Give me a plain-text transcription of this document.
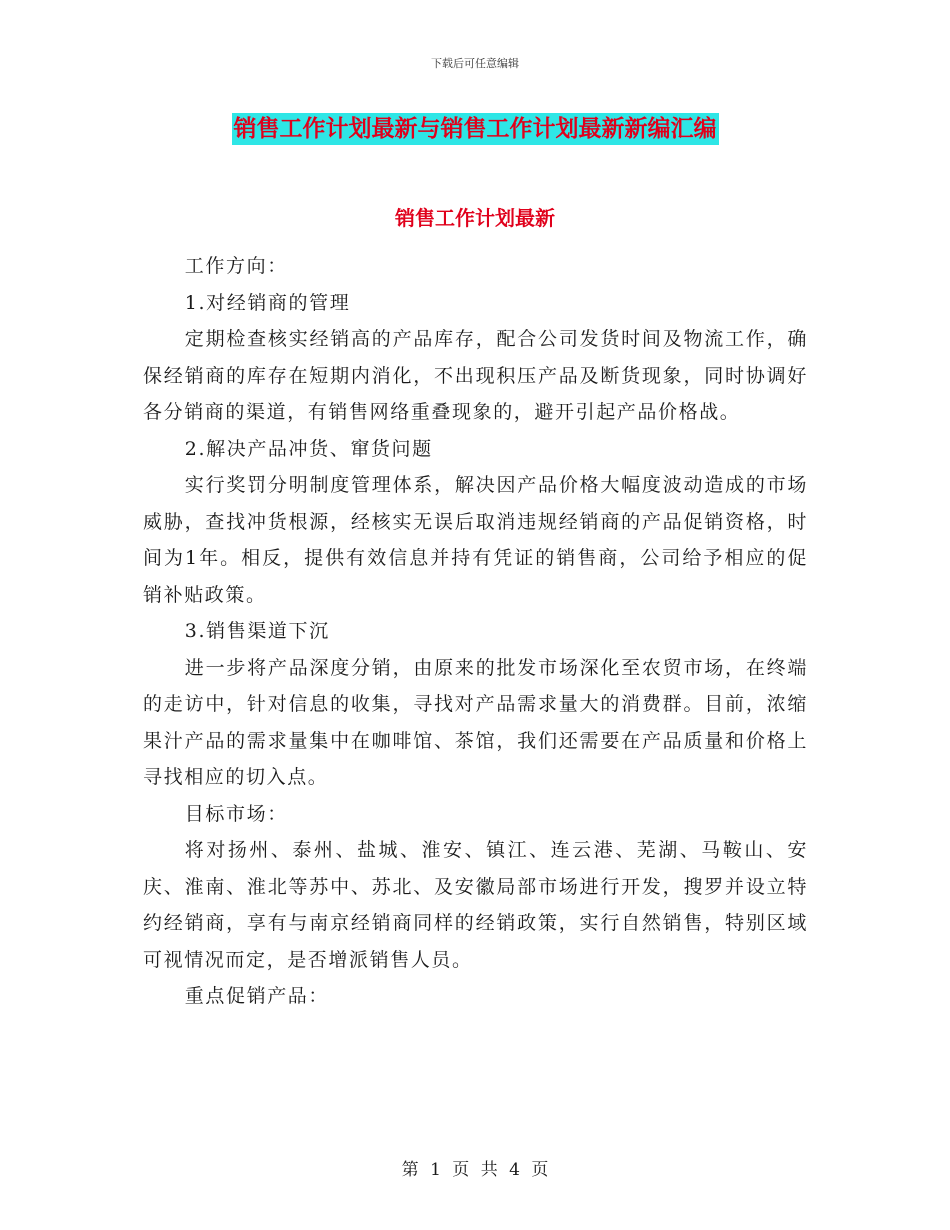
下载后可任意编辑
销售工作计划最新与销售工作计划最新新编汇编
销售工作计划最新

工作方向：

1.对经销商的管理

定期检查核实经销高的产品库存，配合公司发货时间及物流工作，确保经销商的库存在短期内消化，不出现积压产品及断货现象，同时协调好各分销商的渠道，有销售网络重叠现象的，避开引起产品价格战。

2.解决产品冲货、窜货问题

实行奖罚分明制度管理体系，解决因产品价格大幅度波动造成的市场威胁，查找冲货根源，经核实无误后取消违规经销商的产品促销资格，时间为1年。相反，提供有效信息并持有凭证的销售商，公司给予相应的促销补贴政策。

3.销售渠道下沉

进一步将产品深度分销，由原来的批发市场深化至农贸市场，在终端的走访中，针对信息的收集，寻找对产品需求量大的消费群。目前，浓缩果汁产品的需求量集中在咖啡馆、茶馆，我们还需要在产品质量和价格上寻找相应的切入点。

目标市场：

将对扬州、泰州、盐城、淮安、镇江、连云港、芜湖、马鞍山、安庆、淮南、淮北等苏中、苏北、及安徽局部市场进行开发，搜罗并设立特约经销商，享有与南京经销商同样的经销政策，实行自然销售，特别区域可视情况而定，是否增派销售人员。

重点促销产品：

第 1 页 共 4 页
